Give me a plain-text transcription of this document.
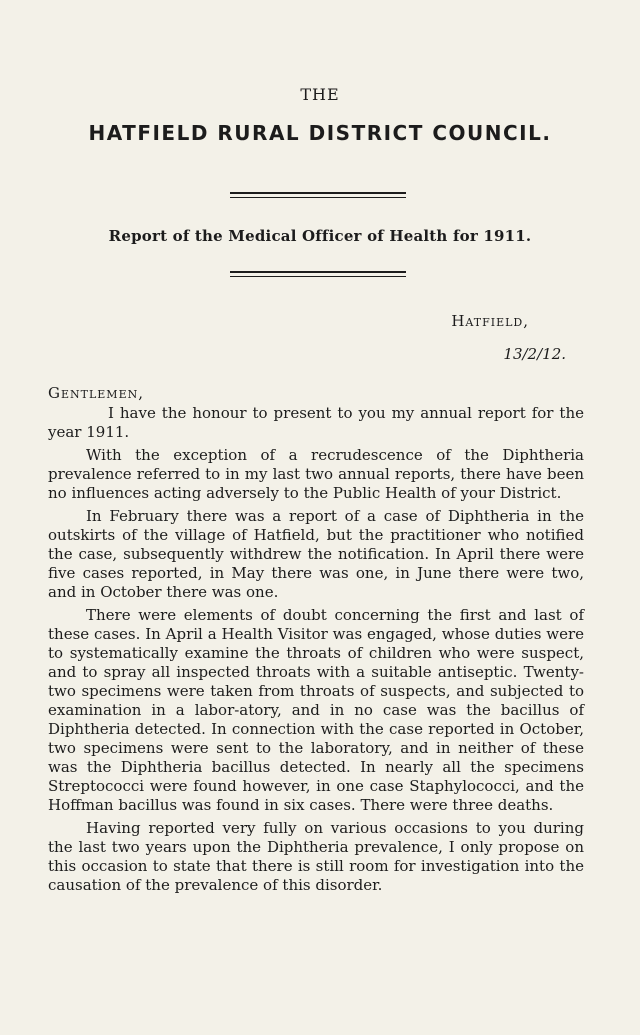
THE
HATFIELD RURAL DISTRICT COUNCIL.
Report of the Medical Officer of Health for 1911.
Hatfield,
13/2/12.
Gentlemen,

I have the honour to present to you my annual report for the year 1911.

With the exception of a recrudescence of the Diphtheria prevalence referred to in my last two annual reports, there have been no influences acting adversely to the Public Health of your District.

In February there was a report of a case of Diphtheria in the outskirts of the village of Hatfield, but the practitioner who notified the case, subsequently withdrew the notification. In April there were five cases reported, in May there was one, in June there were two, and in October there was one.

There were elements of doubt concerning the first and last of these cases. In April a Health Visitor was engaged, whose duties were to systematically examine the throats of children who were suspect, and to spray all inspected throats with a suitable antiseptic. Twenty-two specimens were taken from throats of suspects, and subjected to examination in a labor-atory, and in no case was the bacillus of Diphtheria detected. In connection with the case reported in October, two specimens were sent to the laboratory, and in neither of these was the Diphtheria bacillus detected. In nearly all the specimens Streptococci were found however, in one case Staphylococci, and the Hoffman bacillus was found in six cases. There were three deaths.

Having reported very fully on various occasions to you during the last two years upon the Diphtheria prevalence, I only propose on this occasion to state that there is still room for investigation into the causation of the prevalence of this disorder.
